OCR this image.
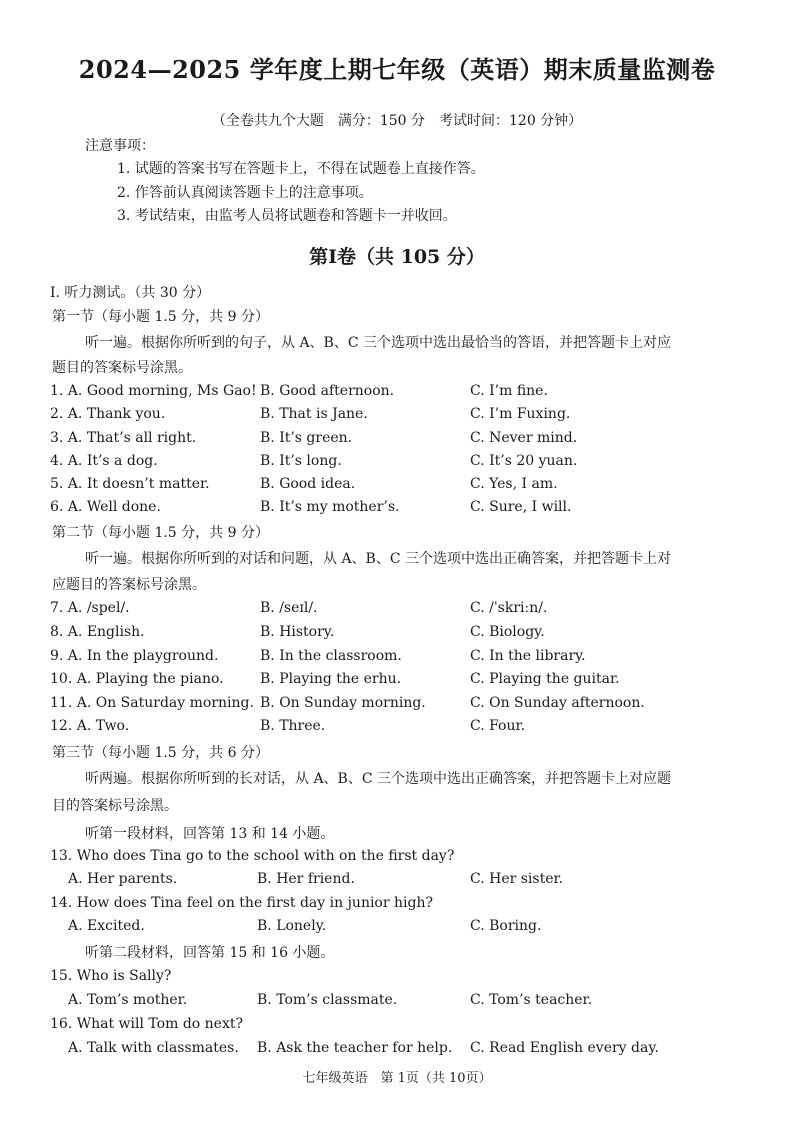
2024—2025 学年度上期七年级（英语）期末质量监测卷
（全卷共九个大题　满分：150 分　考试时间：120 分钟）
注意事项：
1. 试题的答案书写在答题卡上，不得在试题卷上直接作答。
2. 作答前认真阅读答题卡上的注意事项。
3. 考试结束，由监考人员将试题卷和答题卡一并收回。
第Ⅰ卷（共 105 分）
I. 听力测试。（共 30 分）
第一节（每小题 1.5 分，共 9 分）
听一遍。根据你所听到的句子，从 A、B、C 三个选项中选出最恰当的答语，并把答题卡上对应
题目的答案标号涂黑。
1. A. Good morning, Ms Gao! B. Good afternoon.	C. I’m fine.
2. A. Thank you.	B. That is Jane.	C. I’m Fuxing.
3. A. That’s all right.	B. It’s green.	C. Never mind.
4. A. It’s a dog.	B. It’s long.	C. It’s 20 yuan.
5. A. It doesn’t matter.	B. Good idea.	C. Yes, I am.
6. A. Well done.	B. It’s my mother’s.	C. Sure, I will.
第二节（每小题 1.5 分，共 9 分）
听一遍。根据你所听到的对话和问题，从 A、B、C 三个选项中选出正确答案，并把答题卡上对
应题目的答案标号涂黑。
7. A. /spel/.	B. /seɪl/.	C. /ˈskriːn/.
8. A. English.	B. History.	C. Biology.
9. A. In the playground.	B. In the classroom.	C. In the library.
10. A. Playing the piano.	B. Playing the erhu.	C. Playing the guitar.
11. A. On Saturday morning. B. On Sunday morning.	C. On Sunday afternoon.
12. A. Two.	B. Three.	C. Four.
第三节（每小题 1.5 分，共 6 分）
听两遍。根据你所听到的长对话，从 A、B、C 三个选项中选出正确答案，并把答题卡上对应题
目的答案标号涂黑。
听第一段材料，回答第 13 和 14 小题。
13. Who does Tina go to the school with on the first day?
A. Her parents.	B. Her friend.	C. Her sister.
14. How does Tina feel on the first day in junior high?
A. Excited.	B. Lonely.	C. Boring.
听第二段材料，回答第 15 和 16 小题。
15. Who is Sally?
A. Tom’s mother.	B. Tom’s classmate.	C. Tom’s teacher.
16. What will Tom do next?
A. Talk with classmates. B. Ask the teacher for help. C. Read English every day.
七年级英语　第 1页（共 10页）
